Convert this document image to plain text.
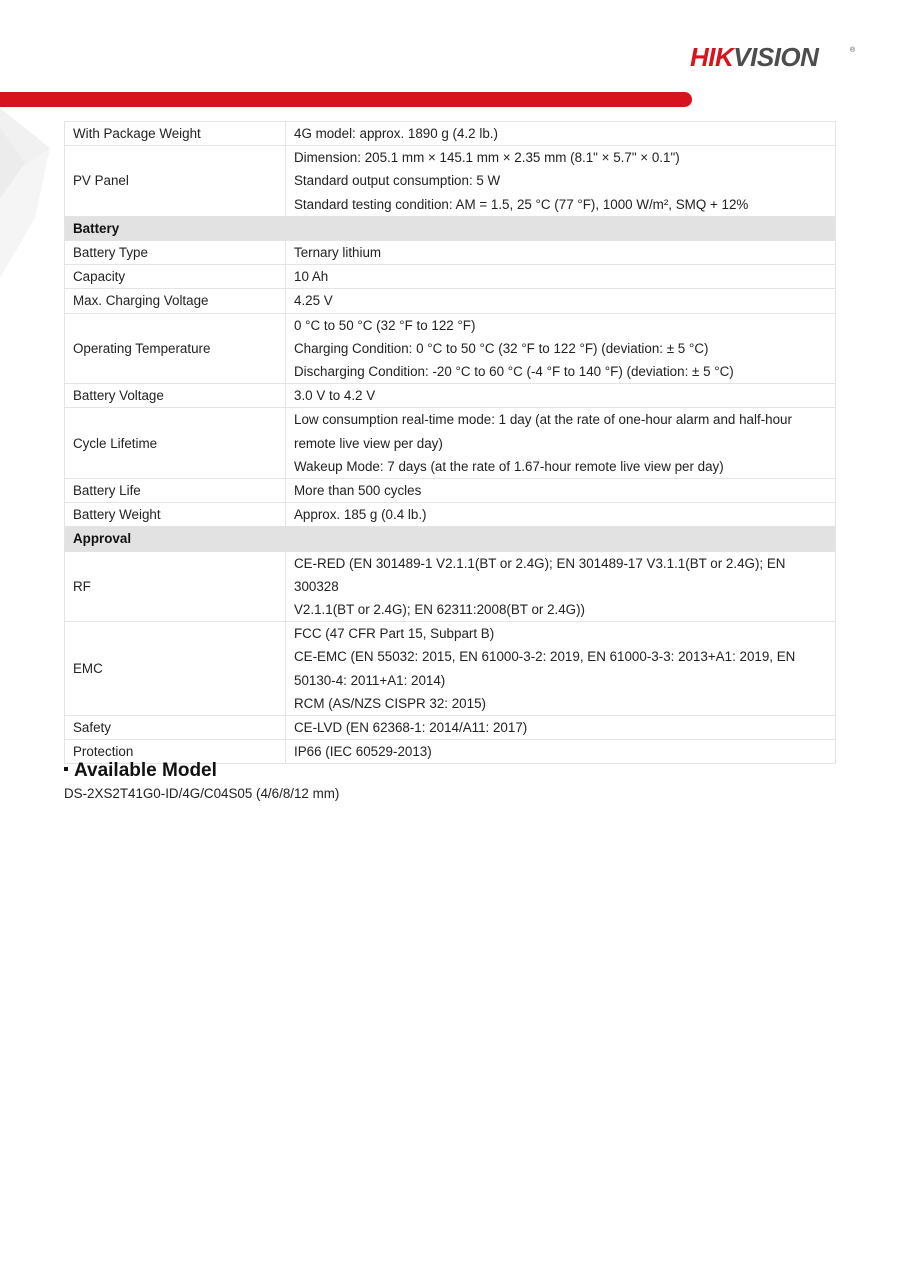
HIKVISION	®
With Package Weight	4G model: approx. 1890 g (4.2 lb.)

PV Panel	Dimension: 205.1 mm × 145.1 mm × 2.35 mm (8.1" × 5.7" × 0.1")
Standard output consumption: 5 W
Standard testing condition: AM = 1.5, 25 °C (77 °F), 1000 W/m², SMQ + 12%

Battery	
Battery Type	Ternary lithium

Capacity	10 Ah

Max. Charging Voltage	4.25 V

Operating Temperature	0 °C to 50 °C (32 °F to 122 °F)
Charging Condition: 0 °C to 50 °C (32 °F to 122 °F) (deviation: ± 5 °C)
Discharging Condition: -20 °C to 60 °C (-4 °F to 140 °F) (deviation: ± 5 °C)

Battery Voltage	3.0 V to 4.2 V

Cycle Lifetime	Low consumption real-time mode: 1 day (at the rate of one-hour alarm and half-hour
remote live view per day)
Wakeup Mode: 7 days (at the rate of 1.67-hour remote live view per day)

Battery Life	More than 500 cycles

Battery Weight	Approx. 185 g (0.4 lb.)

Approval	
RF	CE-RED (EN 301489-1 V2.1.1(BT or 2.4G); EN 301489-17 V3.1.1(BT or 2.4G); EN 300328
V2.1.1(BT or 2.4G); EN 62311:2008(BT or 2.4G))

EMC	FCC (47 CFR Part 15, Subpart B)
CE-EMC (EN 55032: 2015, EN 61000-3-2: 2019, EN 61000-3-3: 2013+A1: 2019, EN
50130-4: 2011+A1: 2014)
RCM (AS/NZS CISPR 32: 2015)

Safety	CE-LVD (EN 62368-1: 2014/A11: 2017)

Protection	IP66 (IEC 60529-2013)
Available Model
DS-2XS2T41G0-ID/4G/C04S05 (4/6/8/12 mm)
